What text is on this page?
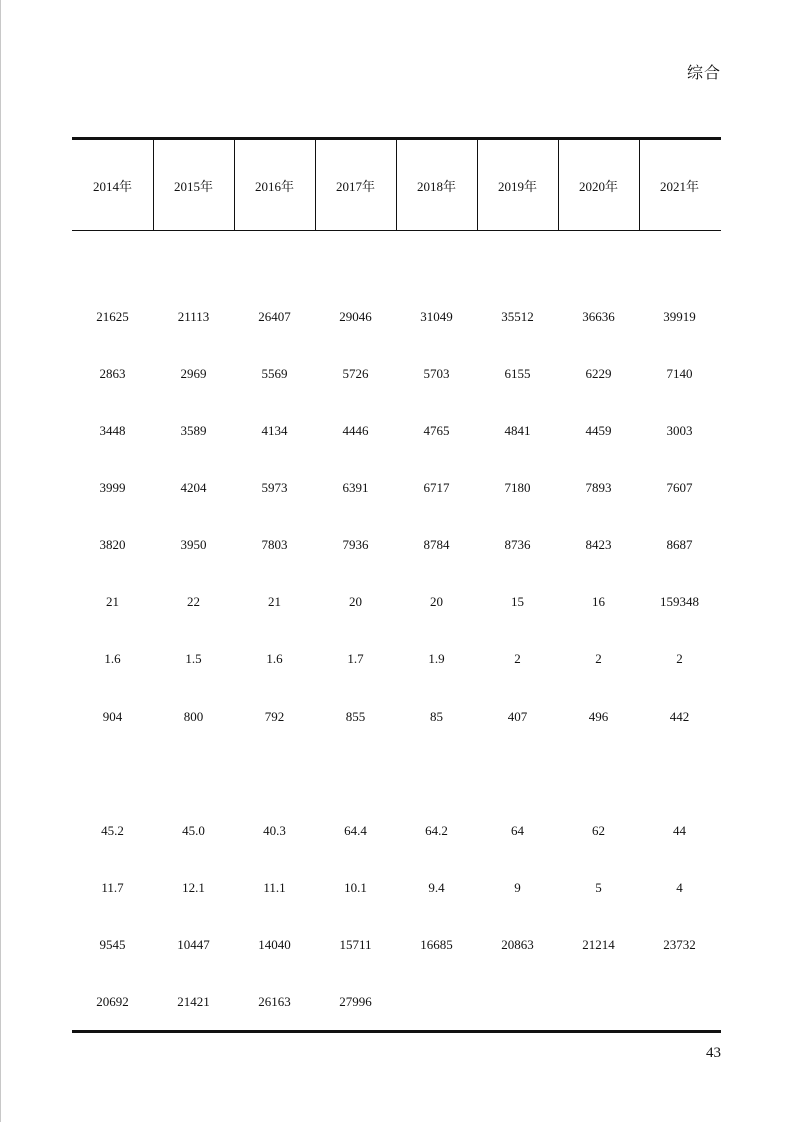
综合
2014年	2015年	2016年	2017年	2018年	2019年	2020年	2021年
21625	21113	26407	29046	31049	35512	36636	39919
2863	2969	5569	5726	5703	6155	6229	7140
3448	3589	4134	4446	4765	4841	4459	3003
3999	4204	5973	6391	6717	7180	7893	7607
3820	3950	7803	7936	8784	8736	8423	8687
21	22	21	20	20	15	16	159348
1.6	1.5	1.6	1.7	1.9	2	2	2
904	800	792	855	85	407	496	442
45.2	45.0	40.3	64.4	64.2	64	62	44
11.7	12.1	11.1	10.1	9.4	9	5	4
9545	10447	14040	15711	16685	20863	21214	23732
20692	21421	26163	27996
43
